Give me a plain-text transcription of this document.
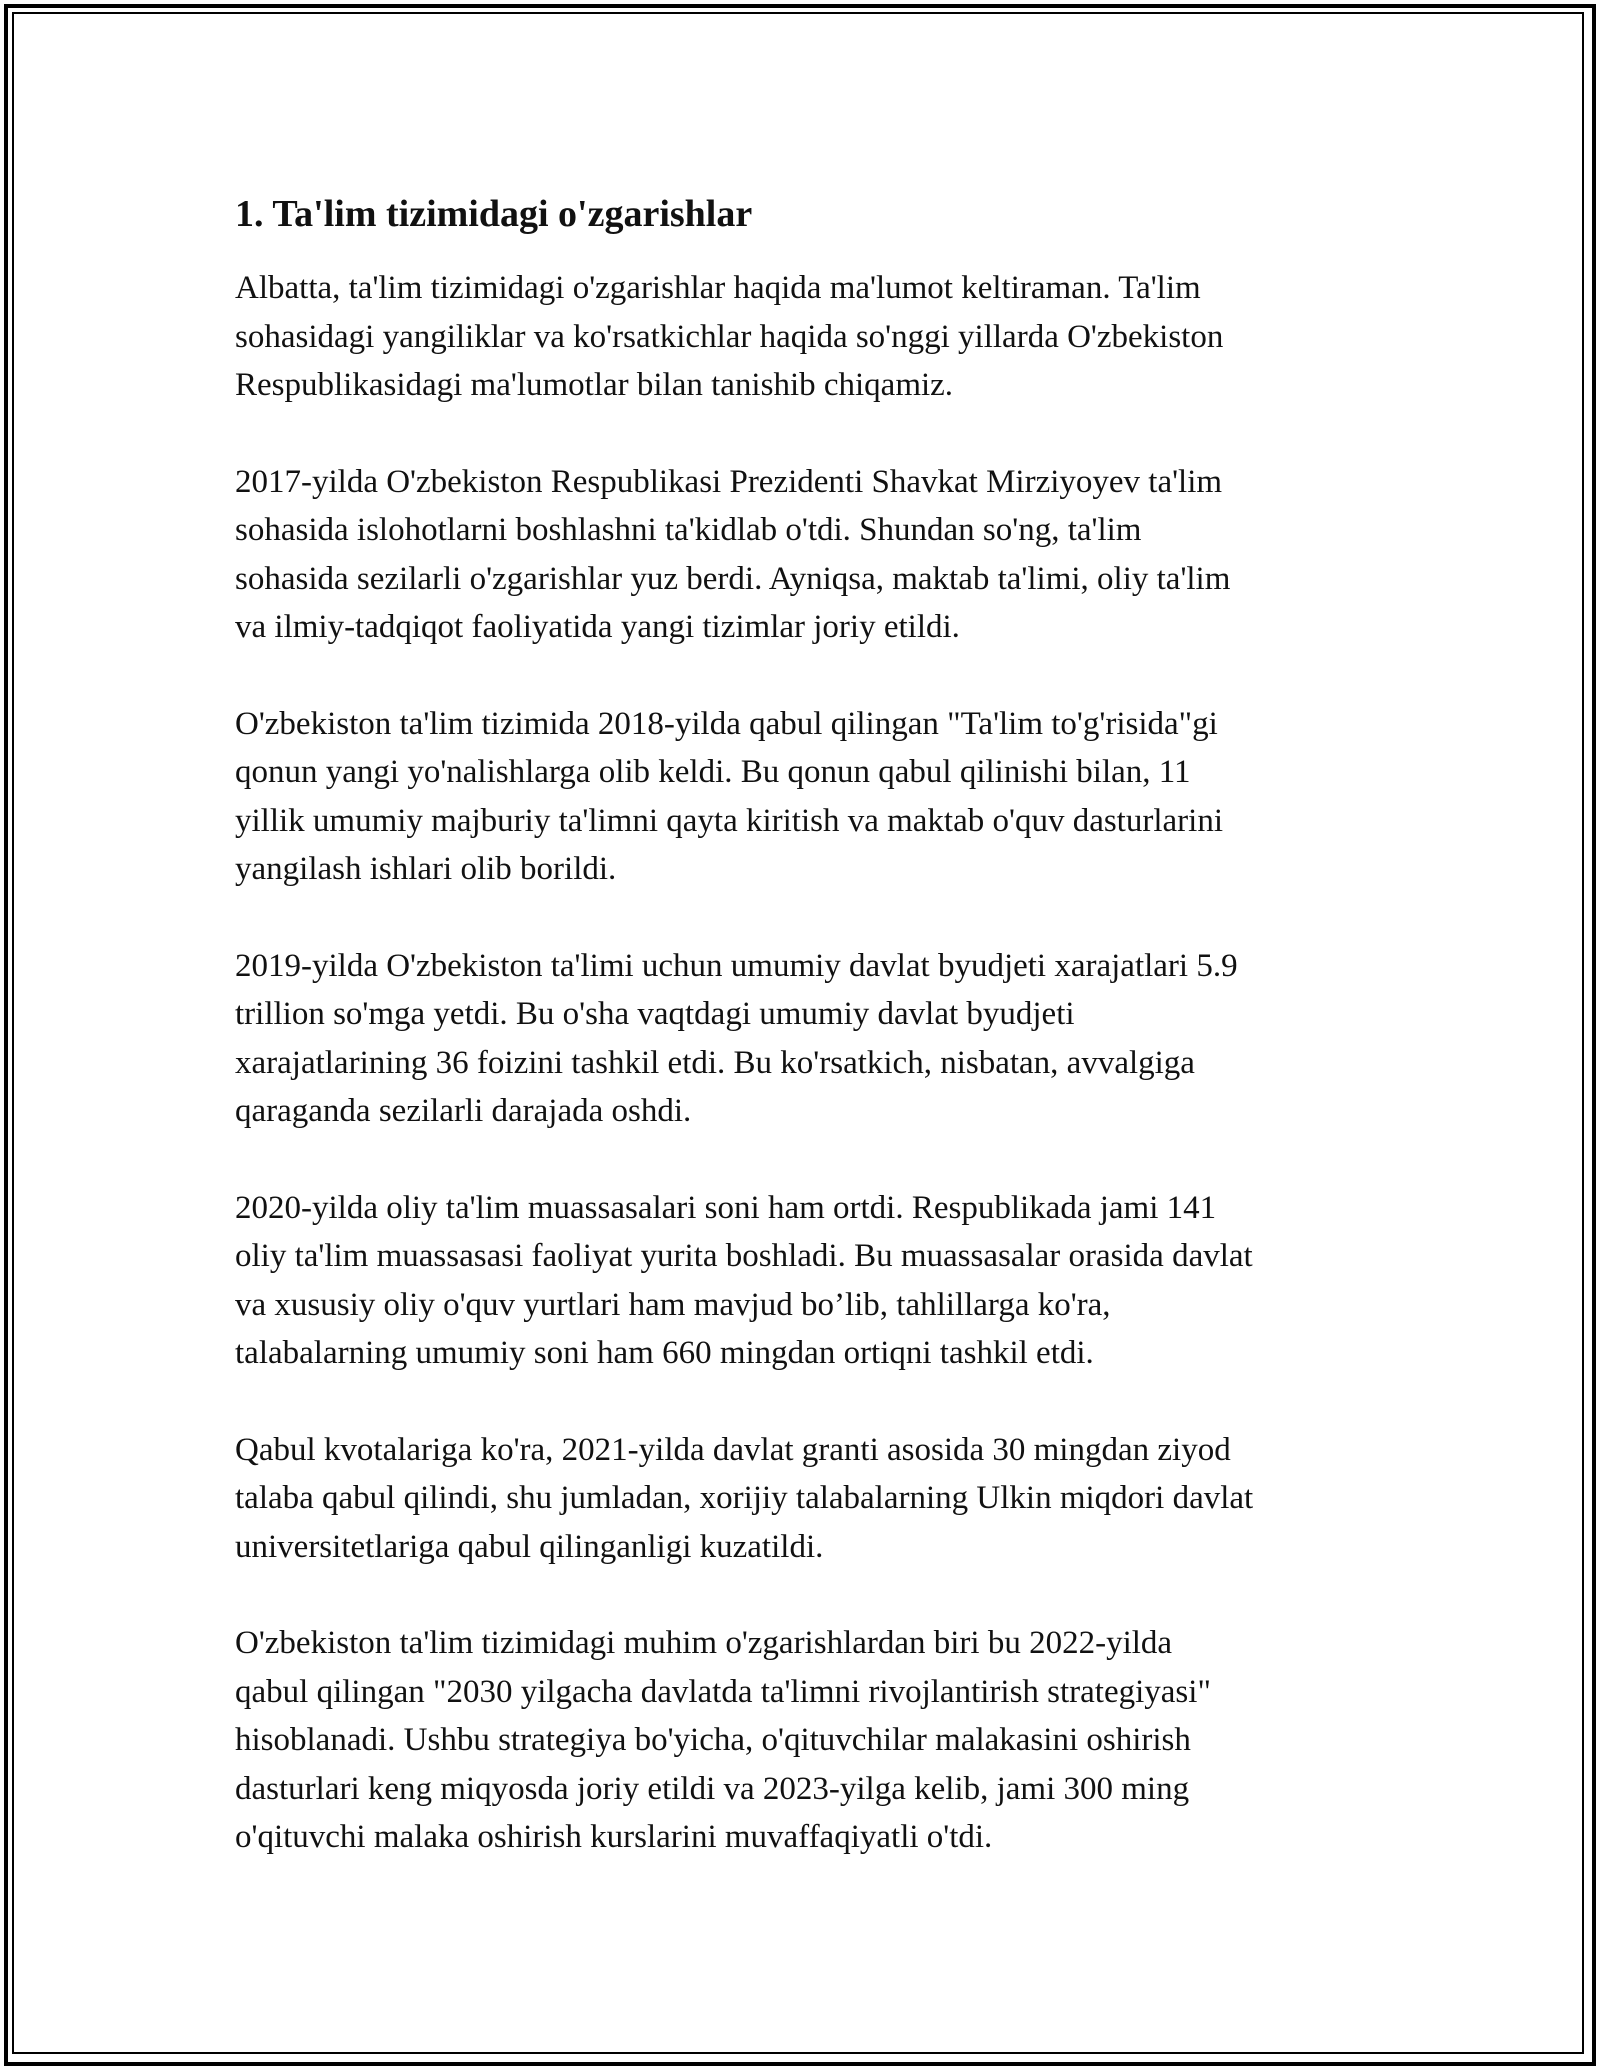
1. Ta'lim tizimidagi o'zgarishlar
Albatta, ta'lim tizimidagi o'zgarishlar haqida ma'lumot keltiraman. Ta'lim
sohasidagi yangiliklar va ko'rsatkichlar haqida so'nggi yillarda O'zbekiston
Respublikasidagi ma'lumotlar bilan tanishib chiqamiz.
2017-yilda O'zbekiston Respublikasi Prezidenti Shavkat Mirziyoyev ta'lim
sohasida islohotlarni boshlashni ta'kidlab o'tdi. Shundan so'ng, ta'lim
sohasida sezilarli o'zgarishlar yuz berdi. Ayniqsa, maktab ta'limi, oliy ta'lim
va ilmiy-tadqiqot faoliyatida yangi tizimlar joriy etildi.
O'zbekiston ta'lim tizimida 2018-yilda qabul qilingan "Ta'lim to'g'risida"gi
qonun yangi yo'nalishlarga olib keldi. Bu qonun qabul qilinishi bilan, 11
yillik umumiy majburiy ta'limni qayta kiritish va maktab o'quv dasturlarini
yangilash ishlari olib borildi.
2019-yilda O'zbekiston ta'limi uchun umumiy davlat byudjeti xarajatlari 5.9
trillion so'mga yetdi. Bu o'sha vaqtdagi umumiy davlat byudjeti
xarajatlarining 36 foizini tashkil etdi. Bu ko'rsatkich, nisbatan, avvalgiga
qaraganda sezilarli darajada oshdi.
2020-yilda oliy ta'lim muassasalari soni ham ortdi. Respublikada jami 141
oliy ta'lim muassasasi faoliyat yurita boshladi. Bu muassasalar orasida davlat
va xususiy oliy o'quv yurtlari ham mavjud bo’lib, tahlillarga ko'ra,
talabalarning umumiy soni ham 660 mingdan ortiqni tashkil etdi.
Qabul kvotalariga ko'ra, 2021-yilda davlat granti asosida 30 mingdan ziyod
talaba qabul qilindi, shu jumladan, xorijiy talabalarning Ulkin miqdori davlat
universitetlariga qabul qilinganligi kuzatildi.
O'zbekiston ta'lim tizimidagi muhim o'zgarishlardan biri bu 2022-yilda
qabul qilingan "2030 yilgacha davlatda ta'limni rivojlantirish strategiyasi"
hisoblanadi. Ushbu strategiya bo'yicha, o'qituvchilar malakasini oshirish
dasturlari keng miqyosda joriy etildi va 2023-yilga kelib, jami 300 ming
o'qituvchi malaka oshirish kurslarini muvaffaqiyatli o'tdi.
